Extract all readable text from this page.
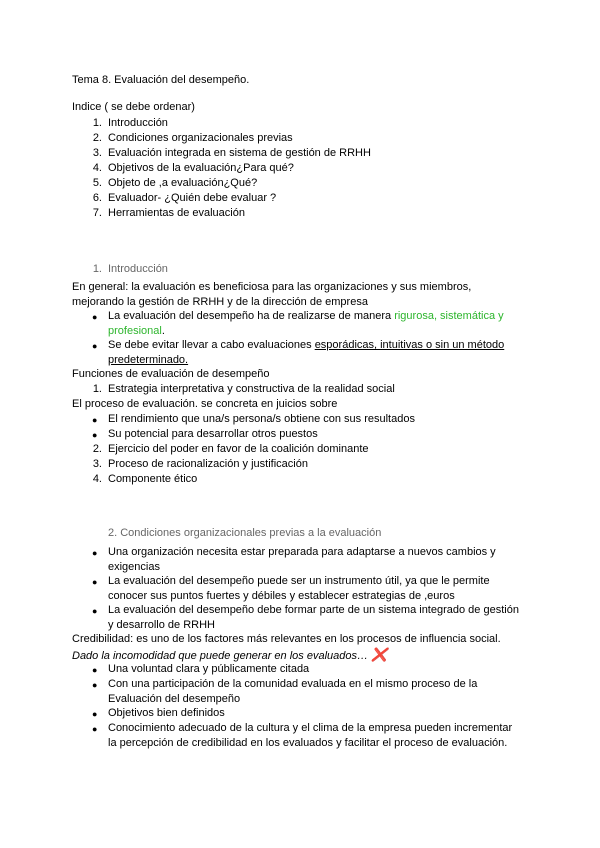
Tema 8. Evaluación del desempeño.
Indice ( se debe ordenar)
1. Introducción
2. Condiciones organizacionales previas
3. Evaluación integrada en sistema de gestión de RRHH
4. Objetivos de la evaluación¿Para qué?
5. Objeto de ,a evaluación¿Qué?
6. Evaluador- ¿Quién debe evaluar ?
7. Herramientas de evaluación
1. Introducción
En general: la evaluación es beneficiosa para las organizaciones y sus miembros,
mejorando la gestión de RRHH y de la dirección de empresa
● La evaluación del desempeño ha de realizarse de manera rigurosa, sistemática y
profesional.
● Se debe evitar llevar a cabo evaluaciones esporádicas, intuitivas o sin un método
predeterminado.
Funciones de evaluación de desempeño
1. Estrategia interpretativa y constructiva de la realidad social
El proceso de evaluación. se concreta en juicios sobre
● El rendimiento que una/s persona/s obtiene con sus resultados
● Su potencial para desarrollar otros puestos
2. Ejercicio del poder en favor de la coalición dominante
3. Proceso de racionalización y justificación
4. Componente ético
2. Condiciones organizacionales previas a la evaluación
● Una organización necesita estar preparada para adaptarse a nuevos cambios y
exigencias
● La evaluación del desempeño puede ser un instrumento útil, ya que le permite
conocer sus puntos fuertes y débiles y establecer estrategias de ,euros
● La evaluación del desempeño debe formar parte de un sistema integrado de gestión
y desarrollo de RRHH
Credibilidad: es uno de los factores más relevantes en los procesos de influencia social.
Dado la incomodidad que puede generar en los evaluados… ❌
● Una voluntad clara y públicamente citada
● Con una participación de la comunidad evaluada en el mismo proceso de la
Evaluación del desempeño
● Objetivos bien definidos
● Conocimiento adecuado de la cultura y el clima de la empresa pueden incrementar
la percepción de credibilidad en los evaluados y facilitar el proceso de evaluación.
